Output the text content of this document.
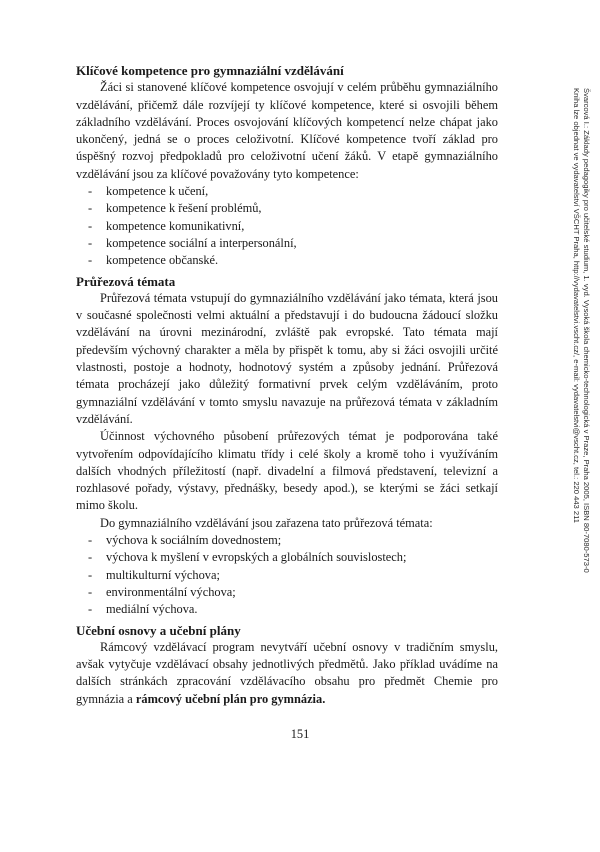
Klíčové kompetence pro gymnaziální vzdělávání

Žáci si stanovené klíčové kompetence osvojují v celém průběhu gymnaziálního vzdělávání, přičemž dále rozvíjejí ty klíčové kompetence, které si osvojili během základního vzdělávání. Proces osvojování klíčových kompetencí nelze chápat jako ukončený, jedná se o proces celoživotní. Klíčové kompetence tvoří základ pro úspěšný rozvoj předpokladů pro celoživotní učení žáků. V etapě gymnaziálního vzdělávání jsou za klíčové považovány tyto kompetence:

- kompetence k učení,
- kompetence k řešení problémů,
- kompetence komunikativní,
- kompetence sociální a interpersonální,
- kompetence občanské.
Průřezová témata

Průřezová témata vstupují do gymnaziálního vzdělávání jako témata, která jsou v současné společnosti velmi aktuální a představují i do budoucna žádoucí složku vzdělávání na úrovni mezinárodní, zvláště pak evropské. Tato témata mají především výchovný charakter a měla by přispět k tomu, aby si žáci osvojili určité vlastnosti, postoje a hodnoty, hodnotový systém a způsoby jednání. Průřezová témata procházejí jako důležitý formativní prvek celým vzděláváním, proto gymnaziální vzdělávání v tomto smyslu navazuje na průřezová témata v základním vzdělávání.

Účinnost výchovného působení průřezových témat je podporována také vytvořením odpovídajícího klimatu třídy i celé školy a kromě toho i využíváním dalších vhodných příležitostí (např. divadelní a filmová představení, televizní a rozhlasové pořady, výstavy, přednášky, besedy apod.), se kterými se žáci setkají mimo školu.

Do gymnaziálního vzdělávání jsou zařazena tato průřezová témata:

- výchova k sociálním dovednostem;
- výchova k myšlení v evropských a globálních souvislostech;
- multikulturní výchova;
- environmentální výchova;
- mediální výchova.
Učební osnovy a učební plány

Rámcový vzdělávací program nevytváří učební osnovy v tradičním smyslu, avšak vytyčuje vzdělávací obsahy jednotlivých předmětů. Jako příklad uvádíme na dalších stránkách zpracování vzdělávacího obsahu pro předmět Chemie pro gymnázia a rámcový učební plán pro gymnázia.

151
Švarcová I.: Základy pedagogiky pro učitelské studium, 1. vyd. Vysoká škola chemicko-technologická v Praze, Praha 2005, ISBN 80-7080-573-0
Kniha lze objednat ve vydavatelství VŠCHT Praha, http://vydavatelstvi.vscht.cz/, e-mail: vydavatelstvi@vscht.cz, tel.: 220 443 211
